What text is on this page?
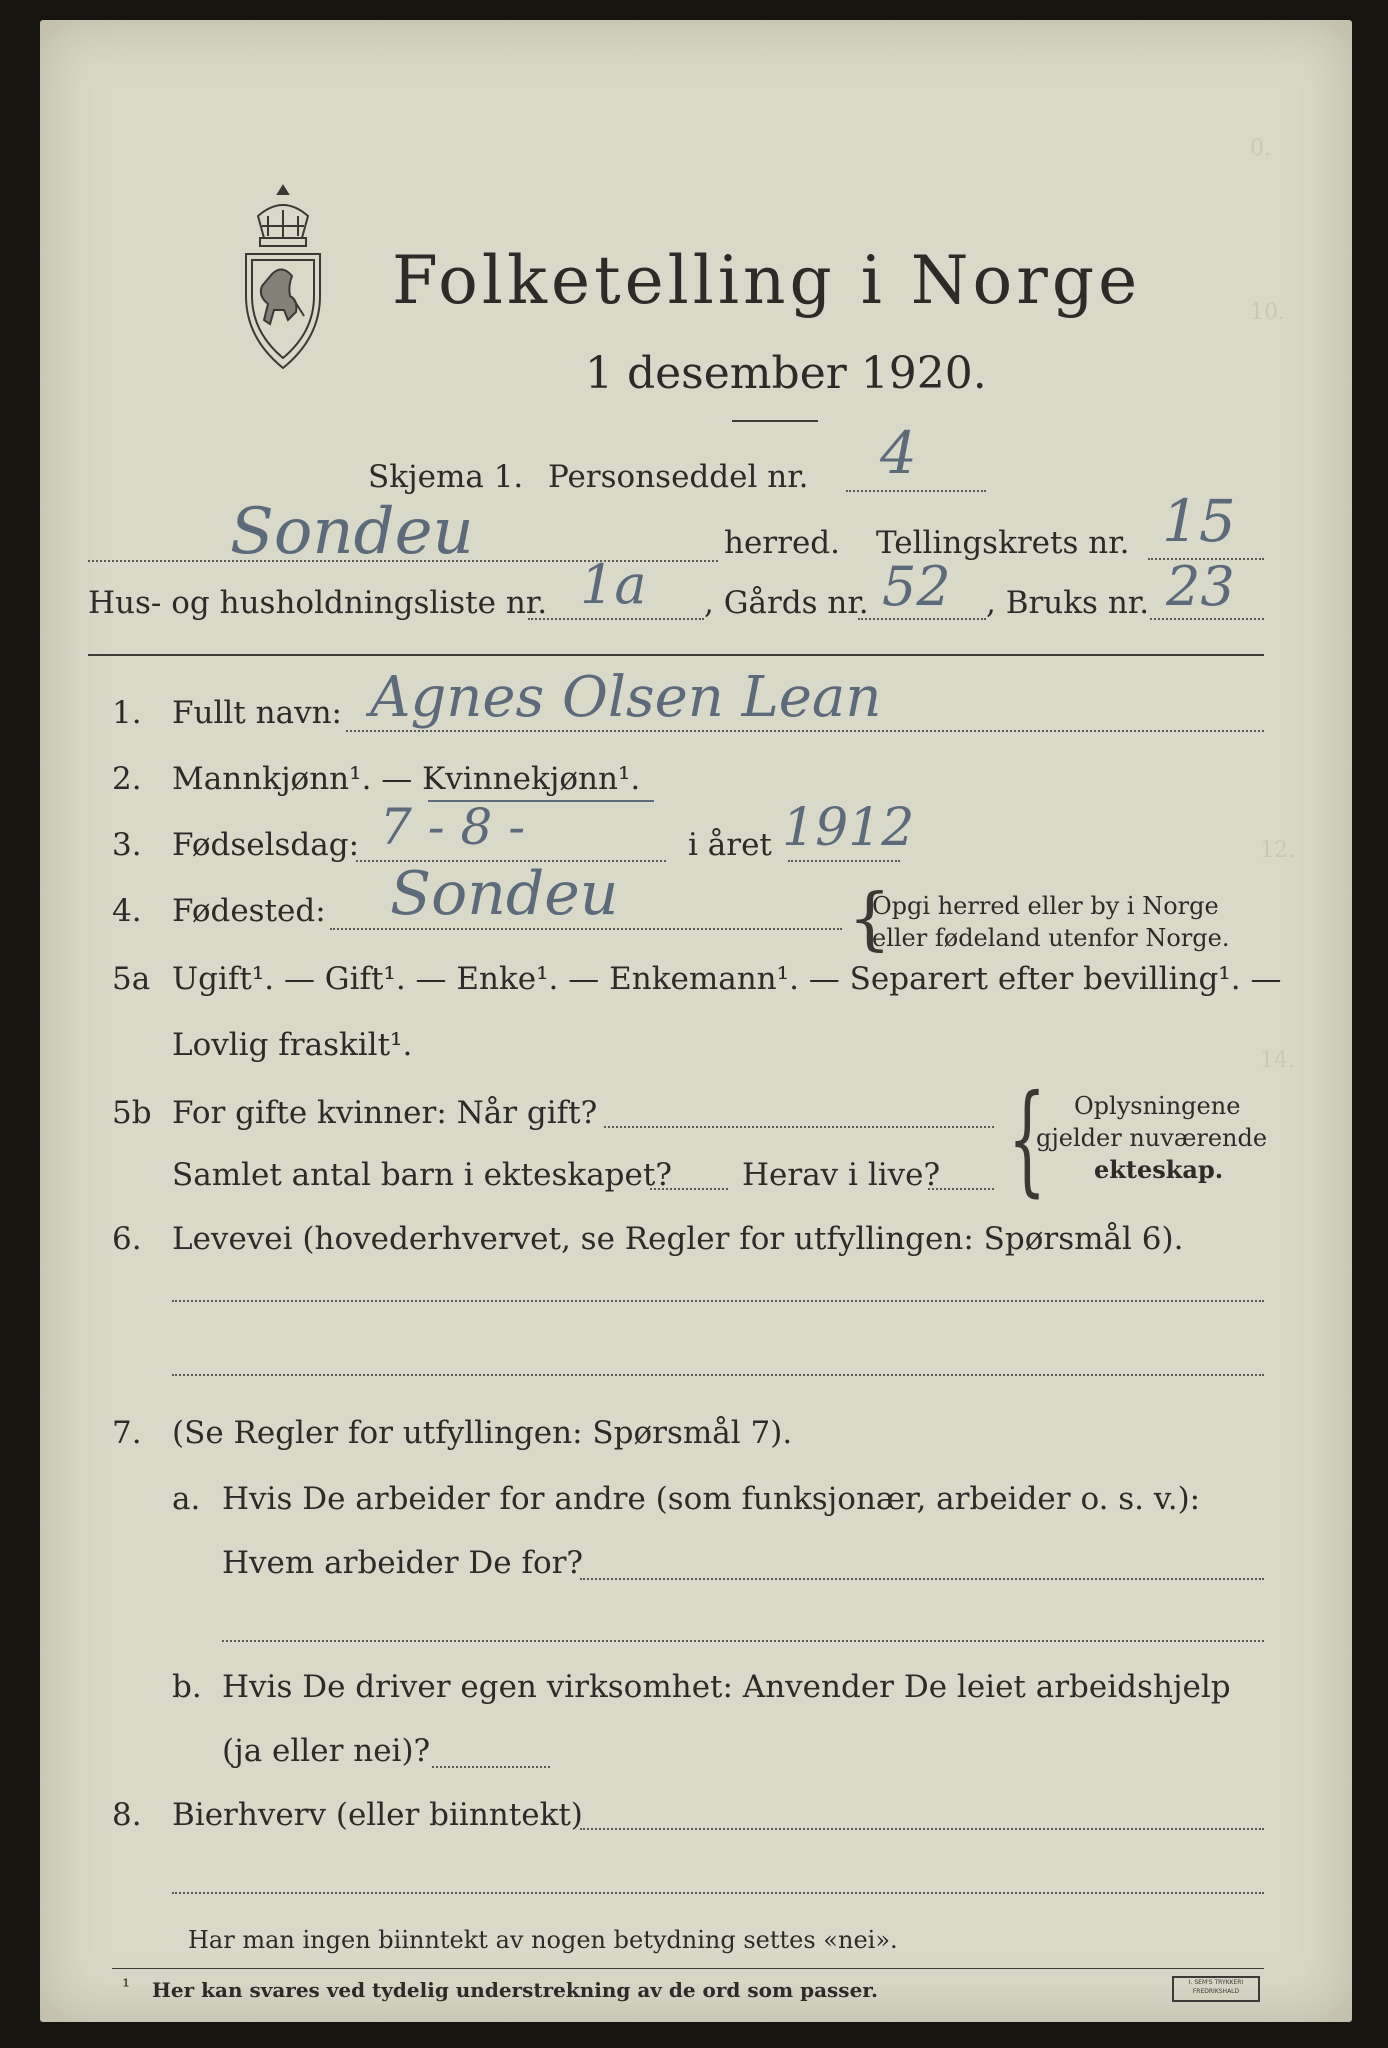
0.
10.
12.
14.
Folketelling i Norge
1 desember 1920.
Skjema 1. Personseddel nr. 4
Sondeu	herred. Tellingskrets nr. 15
Hus- og husholdningsliste nr. 1a , Gårds nr. 52 , Bruks nr. 23
1. Fullt navn: Agnes Olsen Lean
2. Mannkjønn¹. — Kvinnekjønn¹.
3. Fødselsdag: 7 - 8 -	i året 1912
4. Fødested: Sondeu	{
Opgi herred eller by i Norge
eller fødeland utenfor Norge.
5a Ugift¹. — Gift¹. — Enke¹. — Enkemann¹. — Separert efter bevilling¹. —
Lovlig fraskilt¹.
5b For gifte kvinner: Når gift?
Samlet antal barn i ekteskapet? Herav i live? { Oplysningene
gjelder nuværende
ekteskap.
6. Levevei (hovederhvervet, se Regler for utfyllingen: Spørsmål 6).
7. (Se Regler for utfyllingen: Spørsmål 7).
a. Hvis De arbeider for andre (som funksjonær, arbeider o. s. v.):
Hvem arbeider De for?
b. Hvis De driver egen virksomhet: Anvender De leiet arbeidshjelp
(ja eller nei)?
8. Bierhverv (eller biinntekt)
Har man ingen biinntekt av nogen betydning settes «nei».
¹ Her kan svares ved tydelig understrekning av de ord som passer.	I. SEM'S TRYKKERI FREDRIKSHALD
